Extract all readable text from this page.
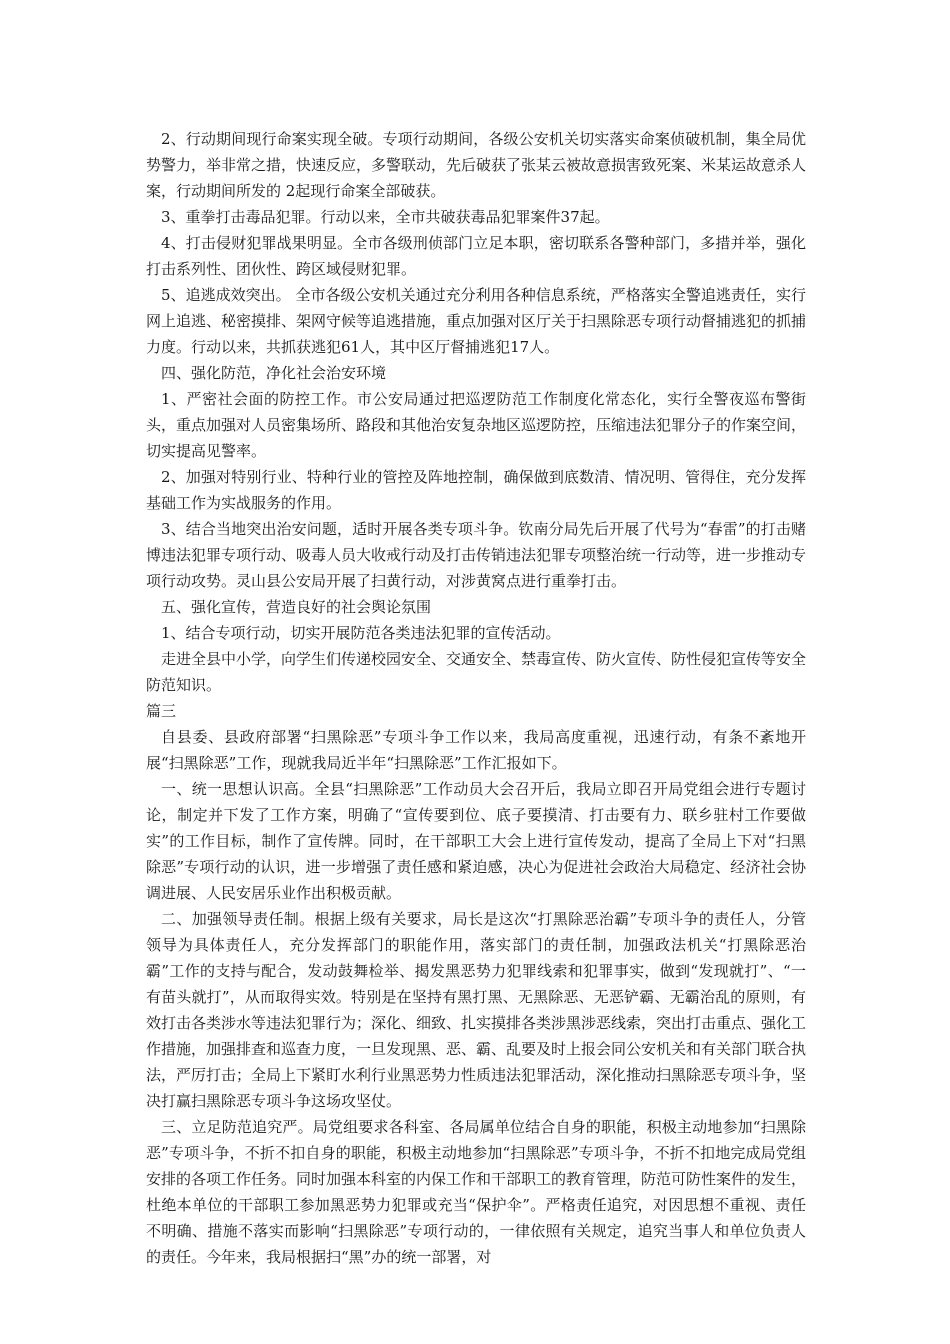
2、行动期间现行命案实现全破。专项行动期间，各级公安机关切实落实命案侦破机制，集全局优势警力，举非常之措，快速反应，多警联动，先后破获了张某云被故意损害致死案、米某运故意杀人案，行动期间所发的 2起现行命案全部破获。

3、重拳打击毒品犯罪。行动以来，全市共破获毒品犯罪案件37起。

4、打击侵财犯罪战果明显。全市各级刑侦部门立足本职，密切联系各警种部门，多措并举，强化打击系列性、团伙性、跨区域侵财犯罪。

5、追逃成效突出。 全市各级公安机关通过充分利用各种信息系统，严格落实全警追逃责任，实行网上追逃、秘密摸排、架网守候等追逃措施，重点加强对区厅关于扫黑除恶专项行动督捕逃犯的抓捕力度。行动以来，共抓获逃犯61人，其中区厅督捕逃犯17人。

四、强化防范，净化社会治安环境

1、严密社会面的防控工作。市公安局通过把巡逻防范工作制度化常态化，实行全警夜巡布警街头，重点加强对人员密集场所、路段和其他治安复杂地区巡逻防控，压缩违法犯罪分子的作案空间，切实提高见警率。

2、加强对特别行业、特种行业的管控及阵地控制，确保做到底数清、情况明、管得住，充分发挥基础工作为实战服务的作用。

3、结合当地突出治安问题，适时开展各类专项斗争。钦南分局先后开展了代号为“春雷”的打击赌博违法犯罪专项行动、吸毒人员大收戒行动及打击传销违法犯罪专项整治统一行动等，进一步推动专项行动攻势。灵山县公安局开展了扫黄行动，对涉黄窝点进行重拳打击。

五、强化宣传，营造良好的社会舆论氛围

1、结合专项行动，切实开展防范各类违法犯罪的宣传活动。

走进全县中小学，向学生们传递校园安全、交通安全、禁毒宣传、防火宣传、防性侵犯宣传等安全防范知识。

篇三

自县委、县政府部署“扫黑除恶”专项斗争工作以来，我局高度重视，迅速行动，有条不紊地开展“扫黑除恶”工作，现就我局近半年“扫黑除恶”工作汇报如下。

一、统一思想认识高。全县“扫黑除恶”工作动员大会召开后，我局立即召开局党组会进行专题讨论，制定并下发了工作方案，明确了“宣传要到位、底子要摸清、打击要有力、联乡驻村工作要做实”的工作目标，制作了宣传牌。同时，在干部职工大会上进行宣传发动，提高了全局上下对“扫黑除恶”专项行动的认识，进一步增强了责任感和紧迫感，决心为促进社会政治大局稳定、经济社会协调进展、人民安居乐业作出积极贡献。

二、加强领导责任制。根据上级有关要求，局长是这次“打黑除恶治霸”专项斗争的责任人，分管领导为具体责任人，充分发挥部门的职能作用，落实部门的责任制，加强政法机关“打黑除恶治霸”工作的支持与配合，发动鼓舞检举、揭发黑恶势力犯罪线索和犯罪事实，做到“发现就打”、“一有苗头就打”，从而取得实效。特别是在坚持有黑打黑、无黑除恶、无恶铲霸、无霸治乱的原则，有效打击各类涉水等违法犯罪行为；深化、细致、扎实摸排各类涉黑涉恶线索，突出打击重点、强化工作措施，加强排查和巡查力度，一旦发现黑、恶、霸、乱要及时上报会同公安机关和有关部门联合执法，严厉打击；全局上下紧盯水利行业黑恶势力性质违法犯罪活动，深化推动扫黑除恶专项斗争，坚决打赢扫黑除恶专项斗争这场攻坚仗。

三、立足防范追究严。局党组要求各科室、各局属单位结合自身的职能，积极主动地参加“扫黑除恶”专项斗争，不折不扣自身的职能，积极主动地参加“扫黑除恶”专项斗争，不折不扣地完成局党组安排的各项工作任务。同时加强本科室的内保工作和干部职工的教育管理，防范可防性案件的发生，杜绝本单位的干部职工参加黑恶势力犯罪或充当“保护伞”。严格责任追究，对因思想不重视、责任不明确、措施不落实而影响“扫黑除恶”专项行动的，一律依照有关规定，追究当事人和单位负责人的责任。今年来，我局根据扫“黑”办的统一部署，对
